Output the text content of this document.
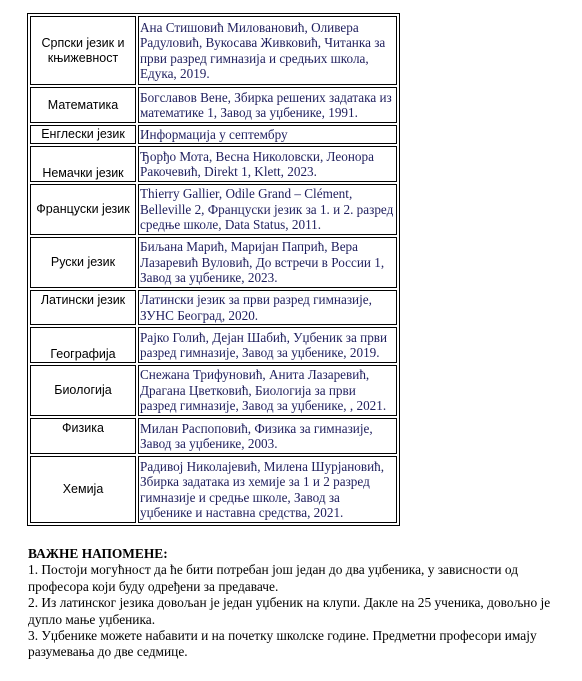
Српски језик и књижевност	Ана Стишовић Миловановић, Оливера Радуловић, Вукосава Живковић, Читанка за први разред гимназија и средњих школа, Едука, 2019.
Математика	Богславов Вене, Збирка решених задатака из математике 1, Завод за уџбенике, 1991.
Енглески језик	Информација у септембру
Немачки језик	Ђорђо Мота, Весна Николовски, Леонора Ракочевић, Direkt 1, Klett, 2023.
Француски језик	Thierry Gallier, Odile Grand – Clément, Belleville 2, Француски језик за 1. и 2. разред средње школе, Data Status, 2011.
Руски језик	Биљана Марић, Маријан Папрић, Вера Лазаревић Вуловић, До встречи в России 1, Завод за уџбенике, 2023.
Латински језик	Латински језик за први разред гимназије, ЗУНС Београд, 2020.
Географија	Рајко Голић, Дејан Шабић, Уџбеник за први разред гимназије, Завод за уџбенике, 2019.
Биологија	Снежана Трифуновић, Анита Лазаревић, Драгана Цветковић, Биологија за први разред гимназије, Завод за уџбенике, , 2021.
Физика	Милан Распоповић, Физика за гимназије, Завод за уџбенике, 2003.
Хемија	Радивој Николајевић, Милена Шурјановић, Збирка задатака из хемије за 1 и 2 разред гимназије и средње школе, Завод за уџбенике и наставна средства, 2021.
ВАЖНЕ НАПОМЕНЕ:

1. Постоји могућност да ће бити потребан још један до два уџбеника, у зависности од професора који буду одређени за предаваче.

2. Из латинског језика довољан је један уџбеник на клупи. Дакле на 25 ученика, довољно је дупло мање уџбеника.

3. Уџбенике можете набавити и на почетку школске године. Предметни професори имају разумевања до две седмице.
